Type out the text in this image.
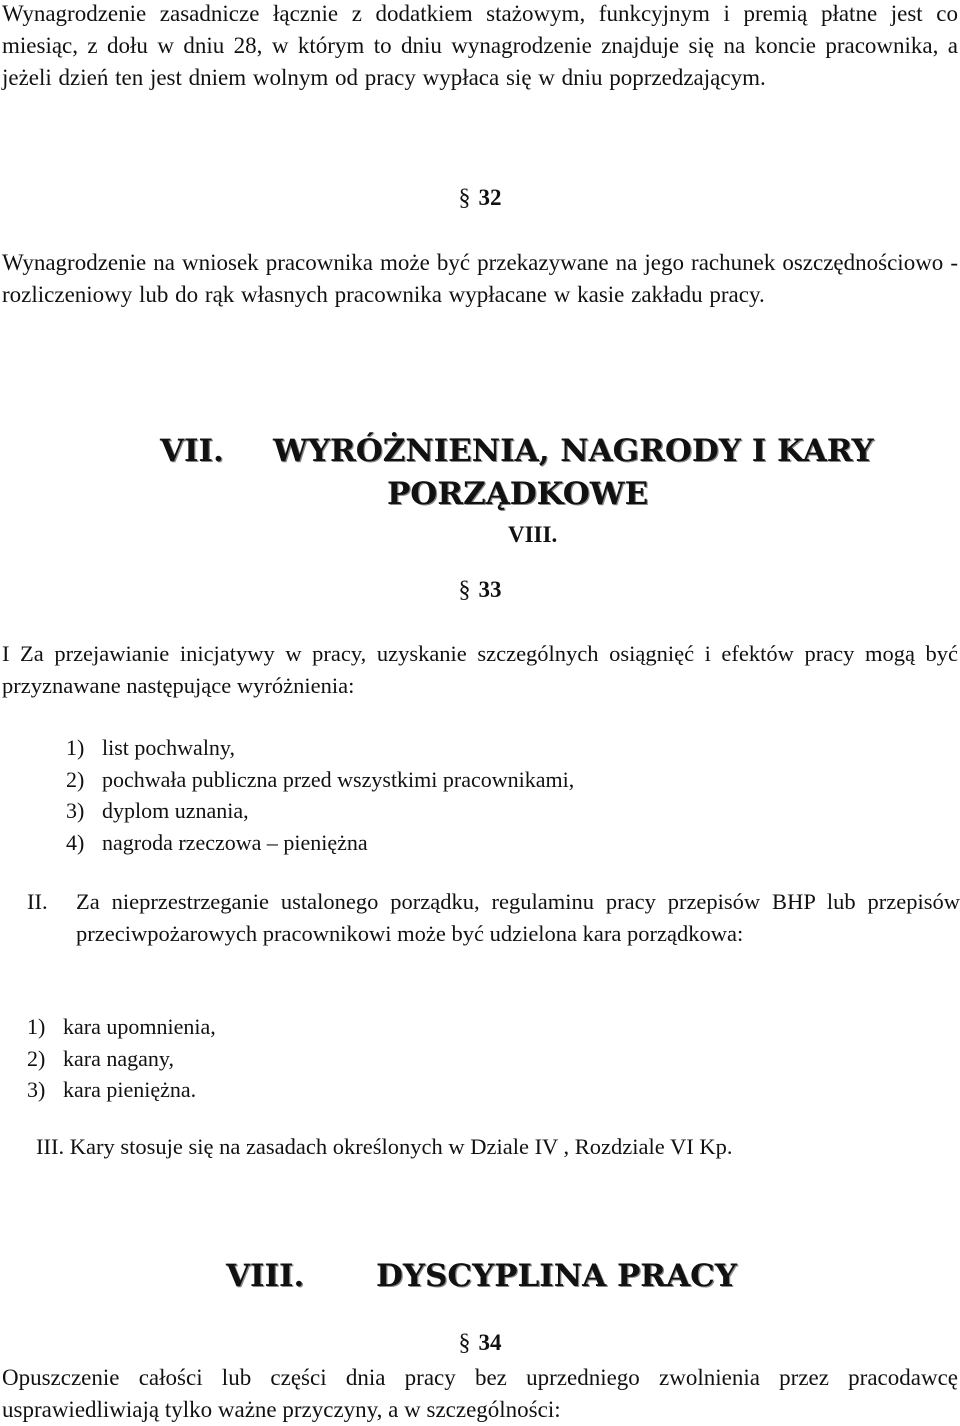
Wynagrodzenie zasadnicze łącznie z dodatkiem stażowym, funkcyjnym i premią płatne jest co miesiąc, z dołu w dniu 28, w którym to dniu wynagrodzenie znajduje się na koncie pracownika, a jeżeli dzień ten jest dniem wolnym od pracy wypłaca się w dniu poprzedzającym.
§ 32
Wynagrodzenie na wniosek pracownika może być przekazywane na jego rachunek oszczędnościowo - rozliczeniowy lub do rąk własnych pracownika wypłacane w kasie zakładu pracy.
VII. WYRÓŻNIENIA, NAGRODY I KARY
PORZĄDKOWE
VIII.
§ 33
I Za przejawianie inicjatywy w pracy, uzyskanie szczególnych osiągnięć i efektów pracy mogą być przyznawane następujące wyróżnienia:
1) list pochwalny,
2) pochwała publiczna przed wszystkimi pracownikami,
3) dyplom uznania,
4) nagroda rzeczowa – pieniężna
II. Za nieprzestrzeganie ustalonego porządku, regulaminu pracy przepisów BHP lub przepisów przeciwpożarowych pracownikowi może być udzielona kara porządkowa:
1) kara upomnienia,
2) kara nagany,
3) kara pieniężna.
III. Kary stosuje się na zasadach określonych w Dziale IV , Rozdziale VI Kp.
VIII. DYSCYPLINA PRACY
§ 34
Opuszczenie całości lub części dnia pracy bez uprzedniego zwolnienia przez pracodawcę usprawiedliwiają tylko ważne przyczyny, a w szczególności:
